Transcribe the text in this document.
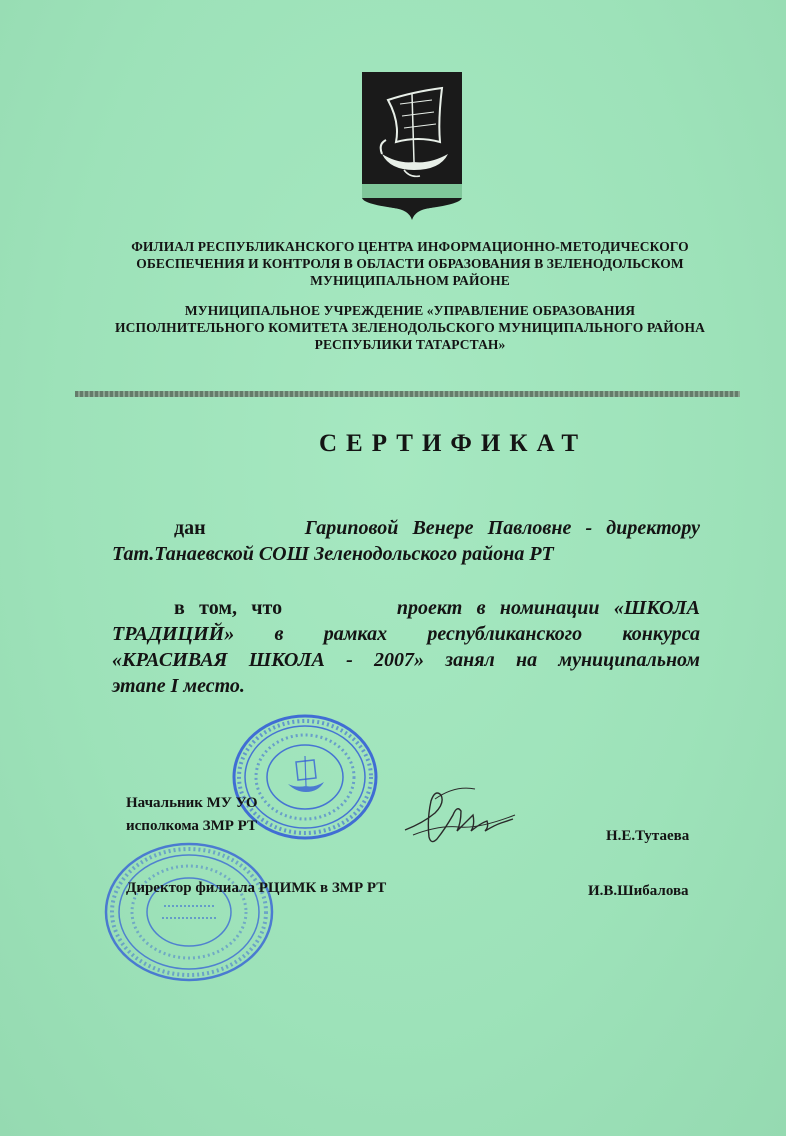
ФИЛИАЛ РЕСПУБЛИКАНСКОГО ЦЕНТРА ИНФОРМАЦИОННО-МЕТОДИЧЕСКОГО
ОБЕСПЕЧЕНИЯ И КОНТРОЛЯ В ОБЛАСТИ ОБРАЗОВАНИЯ В ЗЕЛЕНОДОЛЬСКОМ
МУНИЦИПАЛЬНОМ РАЙОНЕ
МУНИЦИПАЛЬНОЕ УЧРЕЖДЕНИЕ «УПРАВЛЕНИЕ ОБРАЗОВАНИЯ
ИСПОЛНИТЕЛЬНОГО КОМИТЕТА ЗЕЛЕНОДОЛЬСКОГО МУНИЦИПАЛЬНОГО РАЙОНА
РЕСПУБЛИКИ ТАТАРСТАН»
СЕРТИФИКАТ
дан	Гариповой Венере Павловне - директору
Тат.Танаевской СОШ Зеленодольского района РТ
в том, что	проект в номинации «ШКОЛА
ТРАДИЦИЙ» в рамках республиканского конкурса
«КРАСИВАЯ ШКОЛА - 2007» занял на муниципальном
этапе I место.
Начальник МУ УО
исполкома ЗМР РТ
Н.Е.Тутаева
Директор филиала РЦИМК в ЗМР РТ	И.В.Шибалова
